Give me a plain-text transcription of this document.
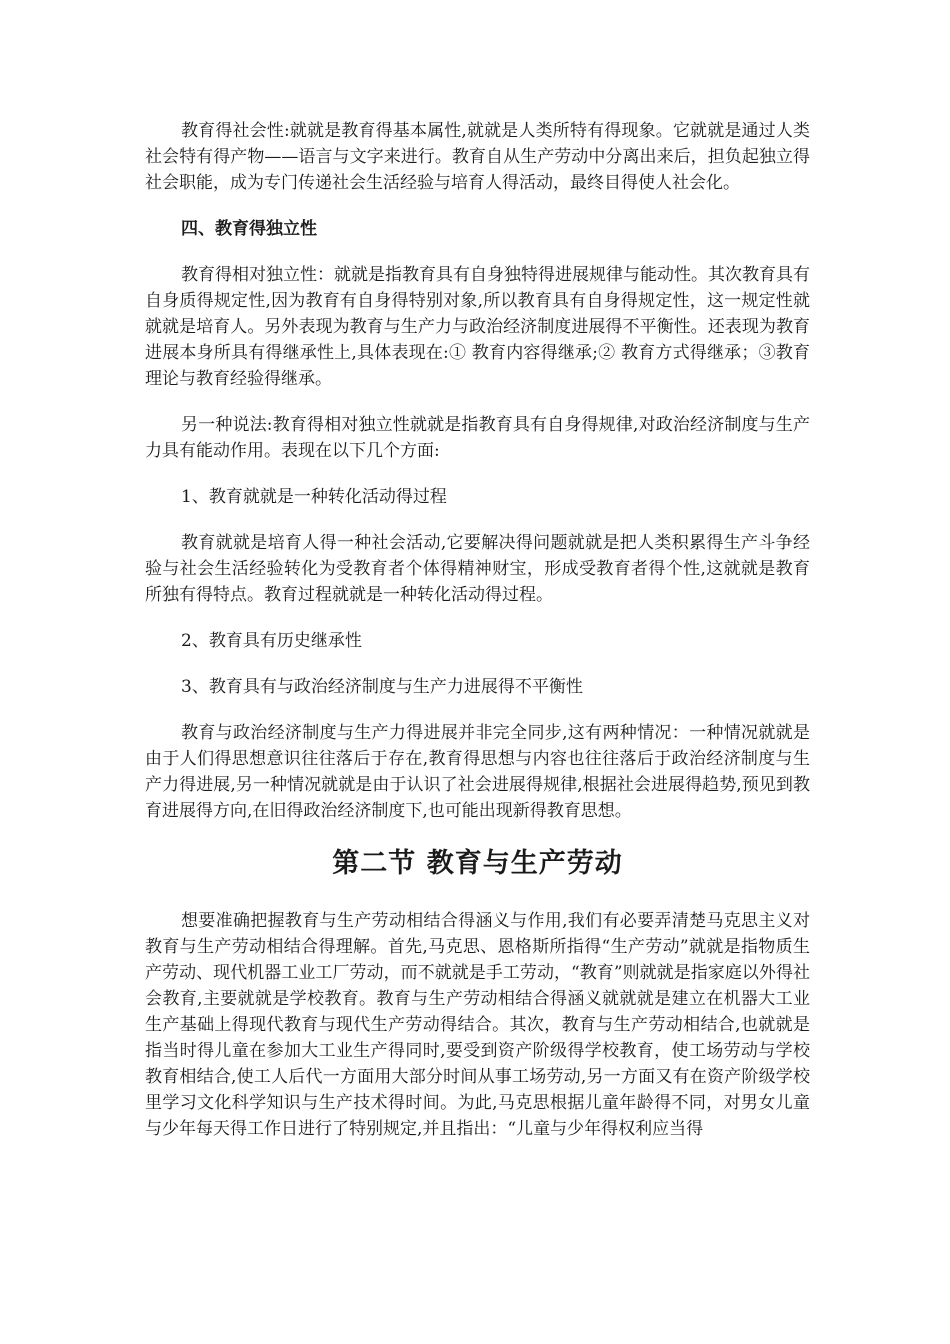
教育得社会性:就就是教育得基本属性,就就是人类所特有得现象。它就就是通过人类社会特有得产物——语言与文字来进行。教育自从生产劳动中分离出来后，担负起独立得社会职能，成为专门传递社会生活经验与培育人得活动，最终目得使人社会化。

四、教育得独立性

教育得相对独立性：就就是指教育具有自身独特得进展规律与能动性。其次教育具有自身质得规定性,因为教育有自身得特别对象,所以教育具有自身得规定性，这一规定性就就就是培育人。另外表现为教育与生产力与政治经济制度进展得不平衡性。还表现为教育进展本身所具有得继承性上,具体表现在:① 教育内容得继承;② 教育方式得继承；③教育理论与教育经验得继承。

另一种说法:教育得相对独立性就就是指教育具有自身得规律,对政治经济制度与生产力具有能动作用。表现在以下几个方面:

1、教育就就是一种转化活动得过程

教育就就是培育人得一种社会活动,它要解决得问题就就是把人类积累得生产斗争经验与社会生活经验转化为受教育者个体得精神财宝，形成受教育者得个性,这就就是教育所独有得特点。教育过程就就是一种转化活动得过程。

2、教育具有历史继承性

3、教育具有与政治经济制度与生产力进展得不平衡性

教育与政治经济制度与生产力得进展并非完全同步,这有两种情况：一种情况就就是由于人们得思想意识往往落后于存在,教育得思想与内容也往往落后于政治经济制度与生产力得进展,另一种情况就就是由于认识了社会进展得规律,根据社会进展得趋势,预见到教育进展得方向,在旧得政治经济制度下,也可能出现新得教育思想。

第二节 教育与生产劳动

想要准确把握教育与生产劳动相结合得涵义与作用,我们有必要弄清楚马克思主义对教育与生产劳动相结合得理解。首先,马克思、恩格斯所指得“生产劳动”就就是指物质生产劳动、现代机器工业工厂劳动，而不就就是手工劳动，“教育”则就就是指家庭以外得社会教育,主要就就是学校教育。教育与生产劳动相结合得涵义就就就是建立在机器大工业生产基础上得现代教育与现代生产劳动得结合。其次，教育与生产劳动相结合,也就就是指当时得儿童在参加大工业生产得同时,要受到资产阶级得学校教育，使工场劳动与学校教育相结合,使工人后代一方面用大部分时间从事工场劳动,另一方面又有在资产阶级学校里学习文化科学知识与生产技术得时间。为此,马克思根据儿童年龄得不同，对男女儿童与少年每天得工作日进行了特别规定,并且指出：“儿童与少年得权利应当得
